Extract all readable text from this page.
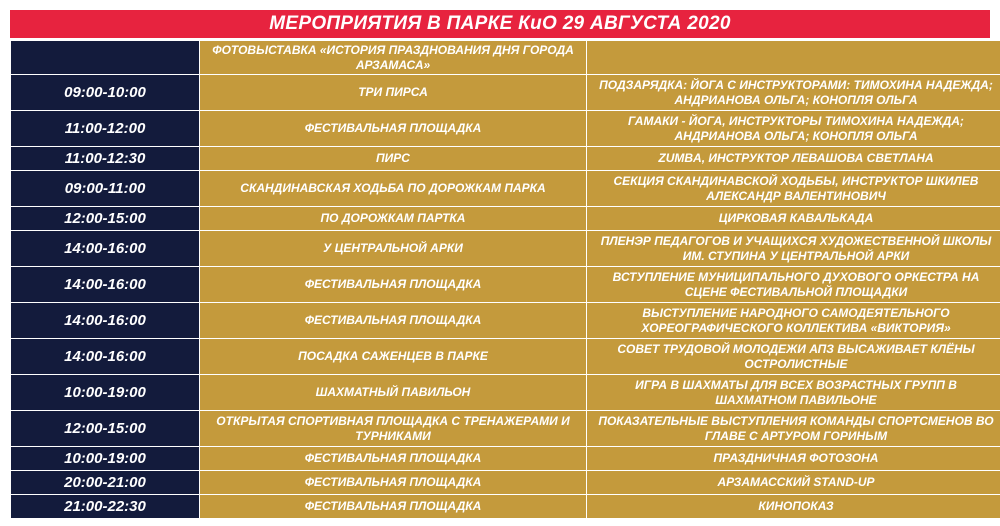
МЕРОПРИЯТИЯ В ПАРКЕ КиО 29 АВГУСТА 2020
	ФОТОВЫСТАВКА «ИСТОРИЯ ПРАЗДНОВАНИЯ ДНЯ ГОРОДА АРЗАМАСА»	
09:00-10:00	ТРИ ПИРСА	ПОДЗАРЯДКА: ЙОГА С ИНСТРУКТОРАМИ: ТИМОХИНА НАДЕЖДА; АНДРИАНОВА ОЛЬГА; КОНОПЛЯ ОЛЬГА
11:00-12:00	ФЕСТИВАЛЬНАЯ ПЛОЩАДКА	ГАМАКИ - ЙОГА, ИНСТРУКТОРЫ ТИМОХИНА НАДЕЖДА; АНДРИАНОВА ОЛЬГА; КОНОПЛЯ ОЛЬГА
11:00-12:30	ПИРС	ZUMBA, ИНСТРУКТОР ЛЕВАШОВА СВЕТЛАНА
09:00-11:00	СКАНДИНАВСКАЯ ХОДЬБА ПО ДОРОЖКАМ ПАРКА	СЕКЦИЯ СКАНДИНАВСКОЙ ХОДЬБЫ, ИНСТРУКТОР ШКИЛЕВ АЛЕКСАНДР ВАЛЕНТИНОВИЧ
12:00-15:00	ПО ДОРОЖКАМ ПАРТКА	ЦИРКОВАЯ КАВАЛЬКАДА
14:00-16:00	У ЦЕНТРАЛЬНОЙ АРКИ	ПЛЕНЭР ПЕДАГОГОВ И УЧАЩИХСЯ ХУДОЖЕСТВЕННОЙ ШКОЛЫ ИМ. СТУПИНА У ЦЕНТРАЛЬНОЙ АРКИ
14:00-16:00	ФЕСТИВАЛЬНАЯ ПЛОЩАДКА	ВСТУПЛЕНИЕ МУНИЦИПАЛЬНОГО ДУХОВОГО ОРКЕСТРА НА СЦЕНЕ ФЕСТИВАЛЬНОЙ ПЛОЩАДКИ
14:00-16:00	ФЕСТИВАЛЬНАЯ ПЛОЩАДКА	ВЫСТУПЛЕНИЕ НАРОДНОГО САМОДЕЯТЕЛЬНОГО ХОРЕОГРАФИЧЕСКОГО КОЛЛЕКТИВА «ВИКТОРИЯ»
14:00-16:00	ПОСАДКА САЖЕНЦЕВ В ПАРКЕ	СОВЕТ ТРУДОВОЙ МОЛОДЕЖИ АПЗ ВЫСАЖИВАЕТ КЛЁНЫ ОСТРОЛИСТНЫЕ
10:00-19:00	ШАХМАТНЫЙ ПАВИЛЬОН	ИГРА В ШАХМАТЫ ДЛЯ ВСЕХ ВОЗРАСТНЫХ ГРУПП В ШАХМАТНОМ ПАВИЛЬОНЕ
12:00-15:00	ОТКРЫТАЯ СПОРТИВНАЯ ПЛОЩАДКА С ТРЕНАЖЕРАМИ И ТУРНИКАМИ	ПОКАЗАТЕЛЬНЫЕ ВЫСТУПЛЕНИЯ КОМАНДЫ СПОРТСМЕНОВ ВО ГЛАВЕ С АРТУРОМ ГОРИНЫМ
10:00-19:00	ФЕСТИВАЛЬНАЯ ПЛОЩАДКА	ПРАЗДНИЧНАЯ ФОТОЗОНА
20:00-21:00	ФЕСТИВАЛЬНАЯ ПЛОЩАДКА	АРЗАМАССКИЙ STAND-UP
21:00-22:30	ФЕСТИВАЛЬНАЯ ПЛОЩАДКА	КИНОПОКАЗ
